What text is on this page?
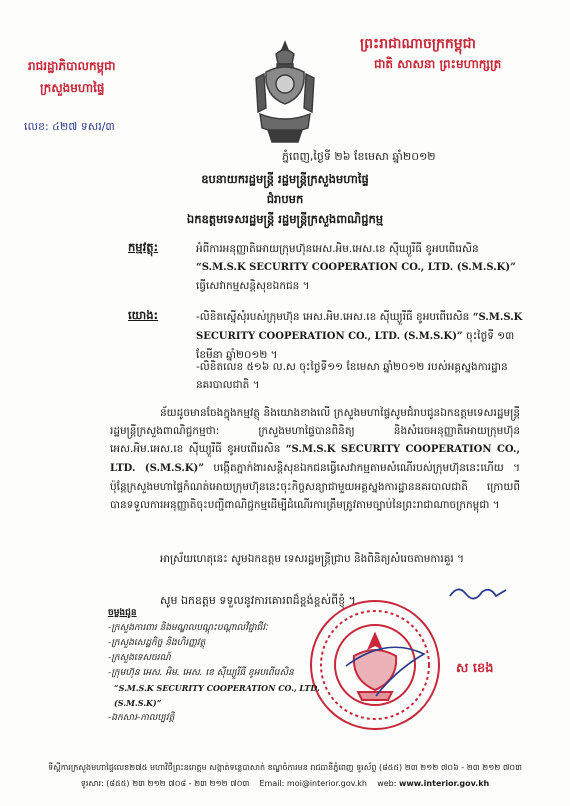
ព្រះរាជាណាចក្រកម្ពុជា
ជាតិ សាសនា ព្រះមហាក្សត្រ
រាជរដ្ឋាភិបាលកម្ពុជា
ក្រសួងមហាផ្ទៃ
លេខ: ៤២៧ ទសរ/៣
ភ្នំពេញ,ថ្ងៃទី ២៦ ខែមេសា ឆ្នាំ២០១២
ឧបនាយករដ្ឋមន្ត្រី រដ្ឋមន្ត្រីក្រសួងមហាផ្ទៃ
ជំរាបមក
ឯកឧត្តមទេសរដ្ឋមន្ត្រី រដ្ឋមន្ត្រីក្រសួងពាណិជ្ជកម្ម
កម្មវត្ថុ:	អំពីការអនុញ្ញាតិអោយក្រុមហ៊ុនអេស.អិម.អេស.ខេ ស៊ីឃ្យួរីធី ខូអបពើរេសិន “S.M.S.K SECURITY COOPERATION CO., LTD. (S.M.S.K)” ធ្វើសេវាកម្មសន្តិសុខឯកជន ។
យោង:	-លិខិតស្នើសុំរបស់ក្រុមហ៊ុន អេស.អិម.អេស.ខេ ស៊ីឃ្យួរីធី ខូអបពើរេសិន “S.M.S.K SECURITY COOPERATION CO., LTD. (S.M.S.K)” ចុះថ្ងៃទី ១៣ ខែមីនា ឆ្នាំ២០១២ ។
-លិខិតលេខ ៥១៦ ល.ស ចុះថ្ងៃទី១១ ខែមេសា ឆ្នាំ២០១២ របស់អគ្គស្នងការដ្ឋាននគរបាលជាតិ ។
ន័យដូចមានចែងក្នុងកម្មវត្ថុ និងយោងខាងលើ ក្រសួងមហាផ្ទៃសូមជំរាបជូនឯកឧត្តមទេសរដ្ឋមន្ត្រី រដ្ឋមន្ត្រីក្រសួងពាណិជ្ជកម្មថា: ក្រសួងមហាផ្ទៃបានពិនិត្យ និងសំរេចអនុញ្ញាតិអោយក្រុមហ៊ុន អេស.អិម.អេស.ខេ ស៊ីឃ្យួរីធី ខូអបពើរេសិន “S.M.S.K SECURITY COOPERATION CO., LTD. (S.M.S.K)” បង្កើតភ្នាក់ងារសន្តិសុខឯកជនធ្វើសេវាកម្មតាមសំណើរបស់ក្រុមហ៊ុននេះហើយ ។ ប៉ុន្តែក្រសួងមហាផ្ទៃកំណត់អោយក្រុមហ៊ុននេះចុះកិច្ចសន្យាជាមួយអគ្គស្នងការដ្ឋាននគរបាលជាតិ ក្រោយពីបានទទួលការអនុញ្ញាតិចុះបញ្ជីពាណិជ្ជកម្មដើម្បីដំណើរការត្រឹមត្រូវតាមច្បាប់នៃព្រះរាជាណាចក្រកម្ពុជា ។
អាស្រ័យហេតុនេះ សូមឯកឧត្តម ទេសរដ្ឋមន្ត្រីជ្រាប និងពិនិត្យសំរេចតាមការគួរ ។
សូម ឯកឧត្តម ទទួលនូវការគោរពដ៏ខ្ពង់ខ្ពស់ពីខ្ញុំ ។
ស ខេង
ចម្លងជូន
-ក្រសួងការពារ និងមណ្ឌលបណ្តុះបណ្តាលវិជ្ជាជីវៈ
-ក្រសួងសេដ្ឋកិច្ច និងហិរញ្ញវត្ថុ
-ក្រសួងទេសចរណ៍
-ក្រុមហ៊ុន អេស. អិម. អេស. ខេ ស៊ីឃ្យួរីធី ខូអបពើរេសិន
“S.M.S.K SECURITY COOPERATION CO., LTD. (S.M.S.K)”
-ឯកសារ-កាលប្បវត្តិ
ទីស្តីការក្រសួងមហាផ្ទៃលេខ២៧៥ មហាវិថីព្រះនរោត្តម សង្កាត់ទន្លេបាសាក់ ខណ្ឌចំការមន រាជធានីភ្នំពេញ ទូរស័ព្ទ (៨៥៥) ២៣ ២១២ ៧០៦ - ២៣ ២១២ ៧០៣
ទូរសារ: (៨៥៥) ២៣ ២១២ ៧០៨ - ២៣ ២១២ ៧០៣ Email: moi@interior.gov.kh web: www.interior.gov.kh
